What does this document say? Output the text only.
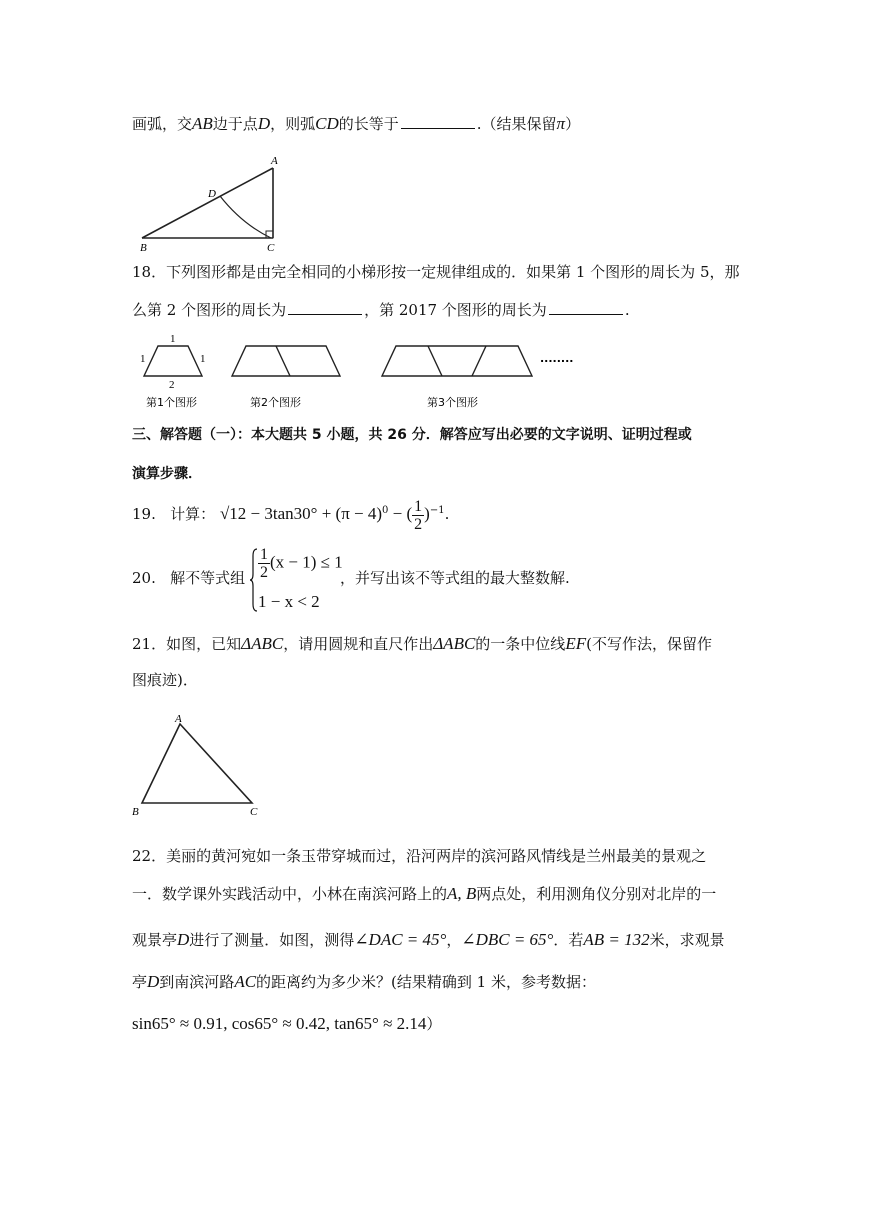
画弧，交AB边于点D，则弧CD的长等于	.（结果保留π）
A
D
B	C
18．下列图形都是由完全相同的小梯形按一定规律组成的．如果第 1 个图形的周长为 5，那
么第 2 个图形的周长为	，第 2017 个图形的周长为	.
1
1	1
2
........
第1个图形	第2个图形	第3个图形
三、解答题（一）：本大题共 5 小题，共 26 分．解答应写出必要的文字说明、证明过程或
演算步骤．
19. 计算： $√12 - 3\tan 30^\circ + (\pi - 4)^0$ − ( $\frac{1}{2} )^{-1}$.
20. 解不等式组 $\frac{1}{2} (x - 1) \le 1$
1 − x < 2
，并写出该不等式组的最大整数解.
21．如图，已知ΔABC，请用圆规和直尺作出ΔABC的一条中位线EF(不写作法，保留作
图痕迹)．
A
B	C
22．美丽的黄河宛如一条玉带穿城而过，沿河两岸的滨河路风情线是兰州最美的景观之
一．数学课外实践活动中，小林在南滨河路上的A, B两点处，利用测角仪分别对北岸的一
观景亭D进行了测量．如图，测得∠DAC = 45°，∠DBC = 65°．若AB = 132米，求观景
亭D到南滨河路AC的距离约为多少米？(结果精确到 1 米，参考数据：
sin65° ≈ 0.91, cos65° ≈ 0.42, tan65° ≈ 2.14）
